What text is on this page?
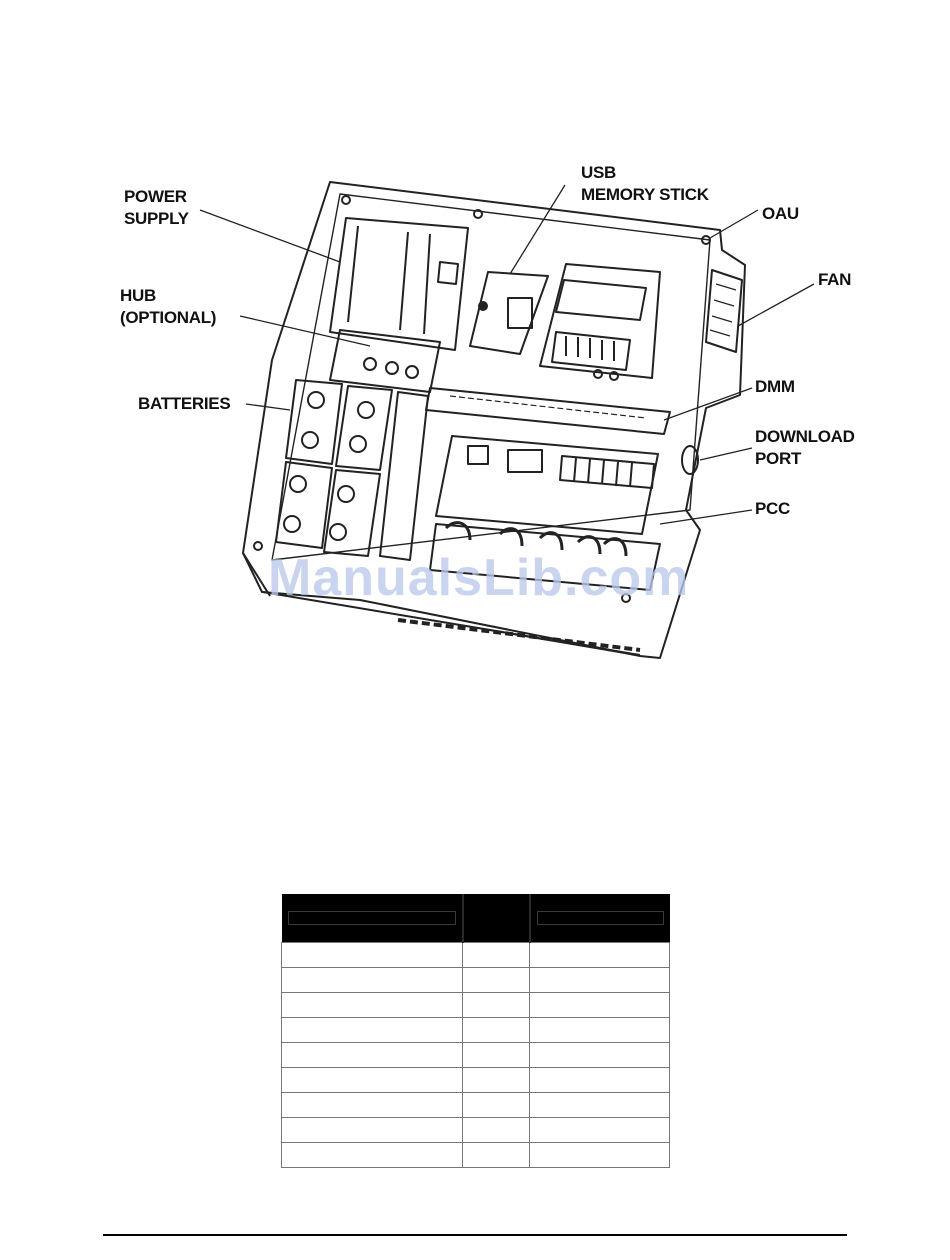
POWER
SUPPLY
USB
MEMORY STICK
OAU
FAN
HUB
(OPTIONAL)
BATTERIES
DMM
DOWNLOAD
PORT
PCC
ManualsLib.com
